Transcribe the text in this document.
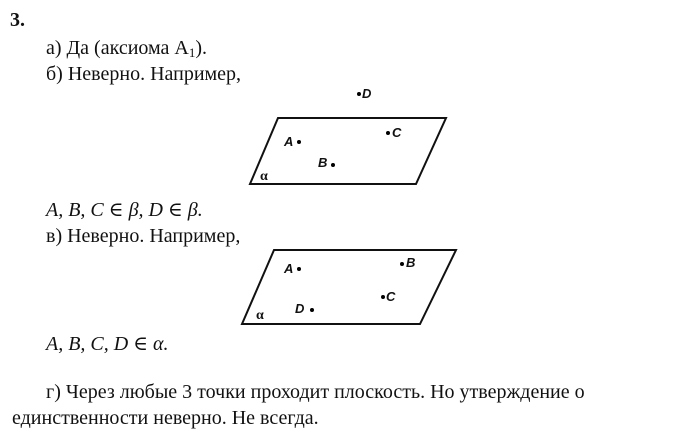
3.
а) Да (аксиома $А_1$).
б) Неверно. Например,
D
A
C
B
α
A, B, C ∈ β, D ∈ β.
в) Неверно. Например,
A	B
C
D
α
A, B, C, D ∈ α.
г) Через любые 3 точки проходит плоскость. Но утверждение о
единственности неверно. Не всегда.
